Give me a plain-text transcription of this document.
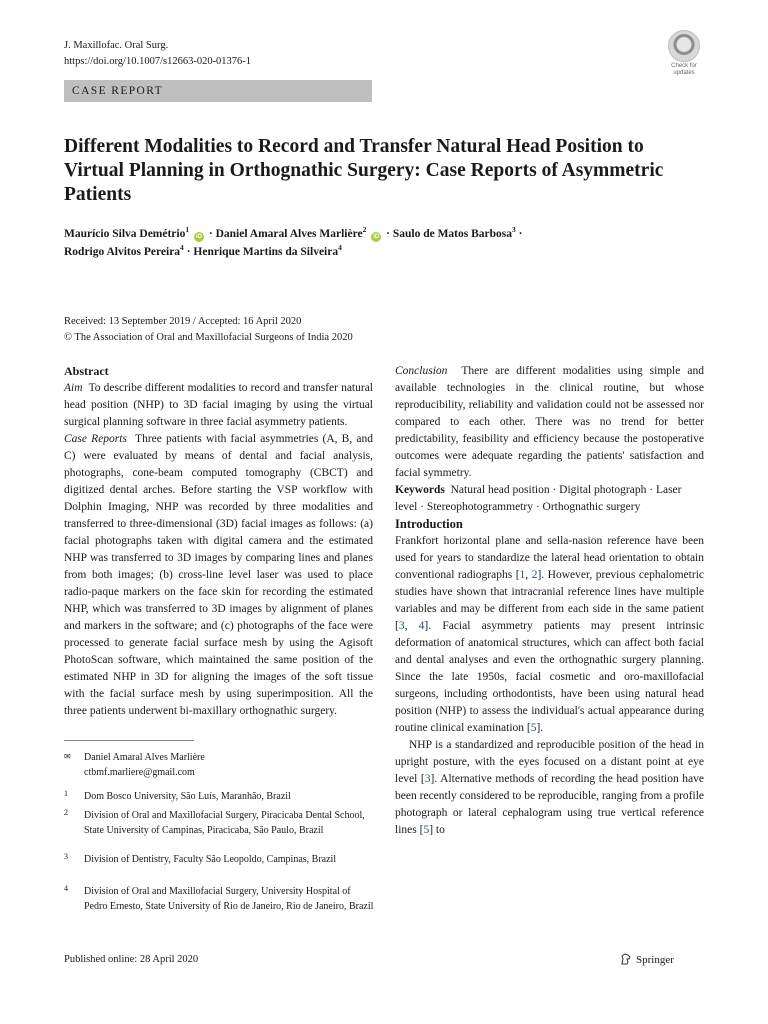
J. Maxillofac. Oral Surg.
https://doi.org/10.1007/s12663-020-01376-1	Check for updates
CASE REPORT
Different Modalities to Record and Transfer Natural Head Position to Virtual Planning in Orthognathic Surgery: Case Reports of Asymmetric Patients
Maurício Silva Demétrio$^1$ iD · Daniel Amaral Alves Marlière$^2$ iD · Saulo de Matos Barbosa$^3$ ·
Rodrigo Alvitos Pereira$^4$ · Henrique Martins da Silveira$^4$
Received: 13 September 2019 / Accepted: 16 April 2020
© The Association of Oral and Maxillofacial Surgeons of India 2020

Abstract

Aim To describe different modalities to record and transfer natural head position (NHP) to 3D facial imaging by using the virtual surgical planning software in three facial asymmetry patients.

Case Reports Three patients with facial asymmetries (A, B, and C) were evaluated by means of dental and facial analysis, photographs, cone-beam computed tomography (CBCT) and digitized dental arches. Before starting the VSP workflow with Dolphin Imaging, NHP was recorded by three modalities and transferred to three-dimensional (3D) facial images as follows: (a) facial photographs taken with digital camera and the estimated NHP was transferred to 3D images by comparing lines and planes from both images; (b) cross-line level laser was used to place radio-paque markers on the face skin for recording the estimated NHP, which was transferred to 3D images by alignment of planes and markers in the software; and (c) photographs of the face were processed to generate facial surface mesh by using the Agisoft PhotoScan software, which maintained the same position of the estimated NHP in 3D for aligning the images of the soft tissue with the facial surface mesh by using superimposition. All the three patients underwent bi-maxillary orthognathic surgery.

✉ Daniel Amaral Alves Marlière
ctbmf.marliere@gmail.com
1 Dom Bosco University, São Luís, Maranhão, Brazil
2 Division of Oral and Maxillofacial Surgery, Piracicaba Dental School, State University of Campinas, Piracicaba, São Paulo, Brazil
3 Division of Dentistry, Faculty São Leopoldo, Campinas, Brazil
4 Division of Oral and Maxillofacial Surgery, University Hospital of Pedro Ernesto, State University of Rio de Janeiro, Rio de Janeiro, Brazil

Conclusion There are different modalities using simple and available technologies in the clinical routine, but whose reproducibility, reliability and validation could not be assessed nor compared to each other. There was no trend for better predictability, feasibility and efficiency because the postoperative outcomes were adequate regarding the patients' satisfaction and facial symmetry.

Keywords Natural head position · Digital photograph · Laser level · Stereophotogrammetry · Orthognathic surgery

Introduction

Frankfort horizontal plane and sella-nasion reference have been used for years to standardize the lateral head orientation to obtain conventional radiographs [1, 2]. However, previous cephalometric studies have shown that intracranial reference lines have multiple variables and may be different from each side in the same patient [3, 4]. Facial asymmetry patients may present intrinsic deformation of anatomical structures, which can affect both facial and dental analyses and even the orthognathic surgery planning. Since the late 1950s, facial cosmetic and oro-maxillofacial surgeons, including orthodontists, have been using natural head position (NHP) to assess the individual's actual appearance during routine clinical examination [5].

NHP is a standardized and reproducible position of the head in upright posture, with the eyes focused on a distant point at eye level [3]. Alternative methods of recording the head position have been recently considered to be reproducible, ranging from a profile photograph or lateral cephalogram using true vertical reference lines [5] to

Published online: 28 April 2020	Springer
